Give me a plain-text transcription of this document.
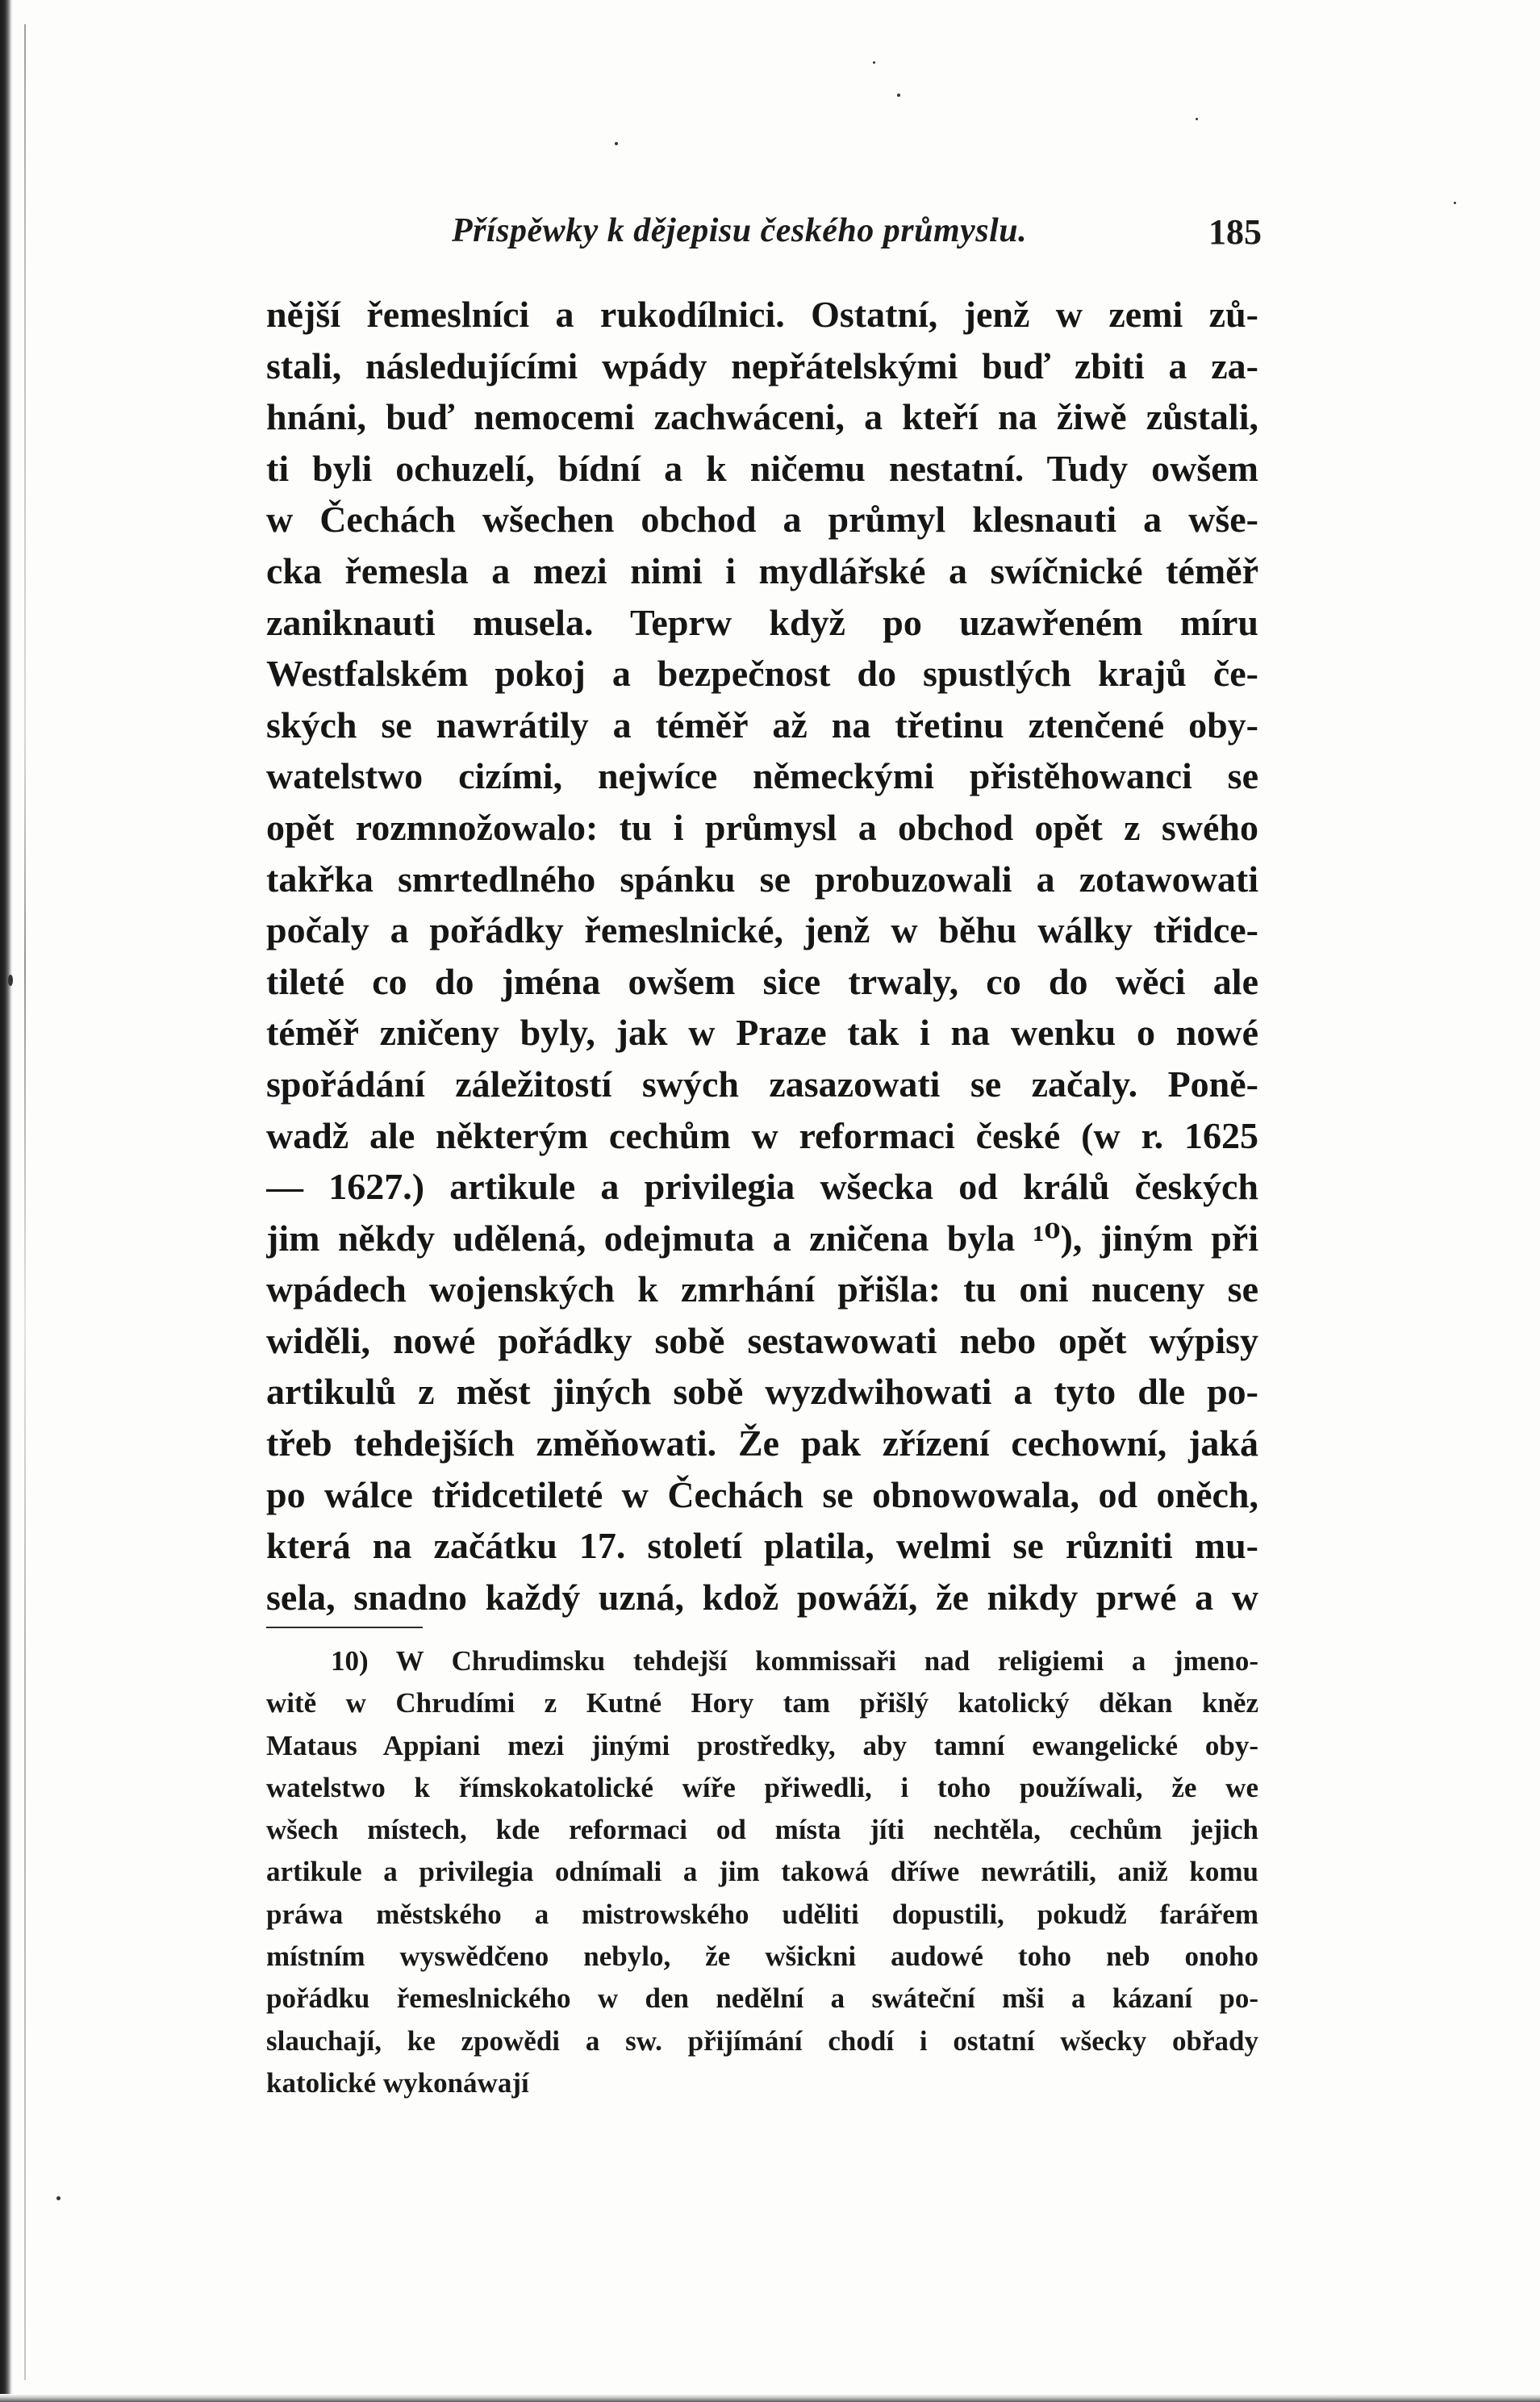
Příspěwky k dějepisu českého průmyslu.	185
nější řemeslníci a rukodílnici. Ostatní, jenž w zemi zů-
stali, následujícími wpády nepřátelskými buď zbiti a za-
hnáni, buď nemocemi zachwáceni, a kteří na žiwě zůstali,
ti byli ochuzelí, bídní a k ničemu nestatní. Tudy owšem
w Čechách wšechen obchod a průmyl klesnauti a wše-
cka řemesla a mezi nimi i mydlářské a swíčnické téměř
zaniknauti musela. Teprw když po uzawřeném míru
Westfalském pokoj a bezpečnost do spustlých krajů če-
ských se nawrátily a téměř až na třetinu ztenčené oby-
watelstwo cizími, nejwíce německými přistěhowanci se
opět rozmnožowalo: tu i průmysl a obchod opět z swého
takřka smrtedlného spánku se probuzowali a zotawowati
počaly a pořádky řemeslnické, jenž w běhu wálky třidce-
tileté co do jména owšem sice trwaly, co do wěci ale
téměř zničeny byly, jak w Praze tak i na wenku o nowé
spořádání záležitostí swých zasazowati se začaly. Poně-
wadž ale některým cechům w reformaci české (w r. 1625
— 1627.) artikule a privilegia wšecka od králů českých
jim někdy udělená, odejmuta a zničena byla ¹⁰), jiným při
wpádech wojenských k zmrhání přišla: tu oni nuceny se
widěli, nowé pořádky sobě sestawowati nebo opět wýpisy
artikulů z měst jiných sobě wyzdwihowati a tyto dle po-
třeb tehdejších změňowati. Že pak zřízení cechowní, jaká
po wálce třidcetileté w Čechách se obnowowala, od oněch,
která na začátku 17. století platila, welmi se různiti mu-
sela, snadno každý uzná, kdož powáží, že nikdy prwé a w
10) W Chrudimsku tehdejší kommissaři nad religiemi a jmeno-
witě w Chrudími z Kutné Hory tam přišlý katolický děkan kněz
Mataus Appiani mezi jinými prostředky, aby tamní ewangelické oby-
watelstwo k římskokatolické wíře přiwedli, i toho použíwali, že we
wšech místech, kde reformaci od místa jíti nechtěla, cechům jejich
artikule a privilegia odnímali a jim takowá dříwe newrátili, aniž komu
práwa městského a mistrowského uděliti dopustili, pokudž farářem
místním wyswědčeno nebylo, že wšickni audowé toho neb onoho
pořádku řemeslnického w den nedělní a swáteční mši a kázaní po-
slauchají, ke zpowědi a sw. přijímání chodí i ostatní wšecky obřady
katolické wykonáwají
